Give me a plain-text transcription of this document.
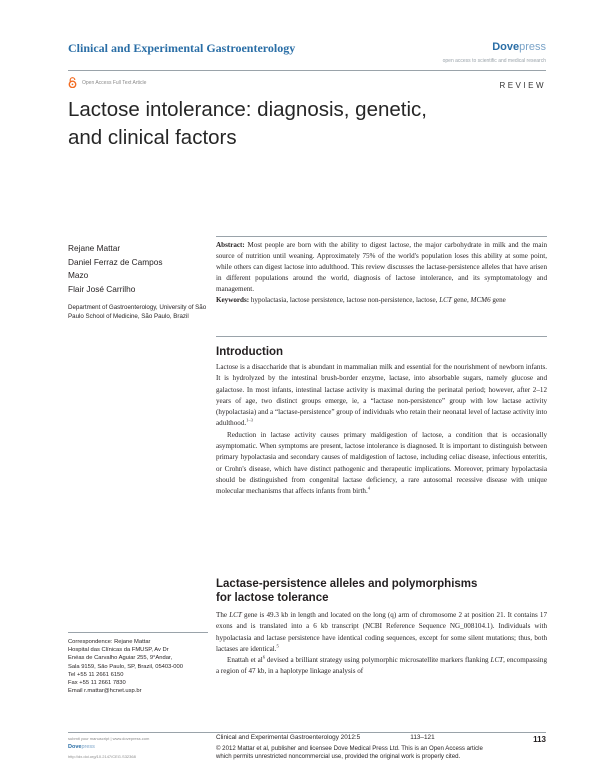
Clinical and Experimental Gastroenterology	Dovepress
open access to scientific and medical research
Open Access Full Text Article	REVIEW
Lactose intolerance: diagnosis, genetic,
and clinical factors
Rejane Mattar
Daniel Ferraz de Campos
Mazo
Flair José Carrilho
Department of Gastroenterology, University of São Paulo School of Medicine, São Paulo, Brazil
Abstract: Most people are born with the ability to digest lactose, the major carbohydrate in milk and the main source of nutrition until weaning. Approximately 75% of the world's population loses this ability at some point, while others can digest lactose into adulthood. This review discusses the lactase-persistence alleles that have arisen in different populations around the world, diagnosis of lactose intolerance, and its symptomatology and management.
Keywords: hypolactasia, lactose persistence, lactose non-persistence, lactose, LCT gene, MCM6 gene
Introduction

Lactose is a disaccharide that is abundant in mammalian milk and essential for the nourishment of newborn infants. It is hydrolyzed by the intestinal brush-border enzyme, lactase, into absorbable sugars, namely glucose and galactose. In most infants, intestinal lactase activity is maximal during the perinatal period; however, after 2–12 years of age, two distinct groups emerge, ie, a “lactase non-persistence” group with low lactase activity (hypolactasia) and a “lactase-persistence” group of individuals who retain their neonatal level of lactase activity into adulthood.$^{1-3}$

Reduction in lactase activity causes primary maldigestion of lactose, a condition that is occasionally asymptomatic. When symptoms are present, lactose intolerance is diagnosed. It is important to distinguish between primary hypolactasia and secondary causes of maldigestion of lactose, including celiac disease, infectious enteritis, or Crohn's disease, which have distinct pathogenic and therapeutic implications. Moreover, primary hypolactasia should be distinguished from congenital lactase deficiency, a rare autosomal recessive disease with unique molecular mechanisms that affects infants from birth.$^4$

Lactase-persistence alleles and polymorphisms
for lactose tolerance

The LCT gene is 49.3 kb in length and located on the long (q) arm of chromosome 2 at position 21. It contains 17 exons and is translated into a 6 kb transcript (NCBI Reference Sequence NG_008104.1). Individuals with hypolactasia and lactase persistence have identical coding sequences, except for some silent mutations; thus, both lactases are identical.$^5$

Enattah et $al^6$ devised a brilliant strategy using polymorphic microsatellite markers flanking LCT, encompassing a region of 47 kb, in a haplotype linkage analysis of

Correspondence: Rejane Mattar
Hospital das Clínicas da FMUSP, Av Dr
Enéas de Carvalho Aguiar 255, 9°Andar,
Sala 9159, São Paulo, SP, Brazil, 05403-000
Tel +55 11 2661 6150
Fax +55 11 2661 7830
Email r.mattar@hcnet.usp.br
submit your manuscript | www.dovepress.com
Dovepress
http://dx.doi.org/10.2147/CEG.S32368
Clinical and Experimental Gastroenterology 2012:5	113–121
© 2012 Mattar et al, publisher and licensee Dove Medical Press Ltd. This is an Open Access article
which permits unrestricted noncommercial use, provided the original work is properly cited.
113
